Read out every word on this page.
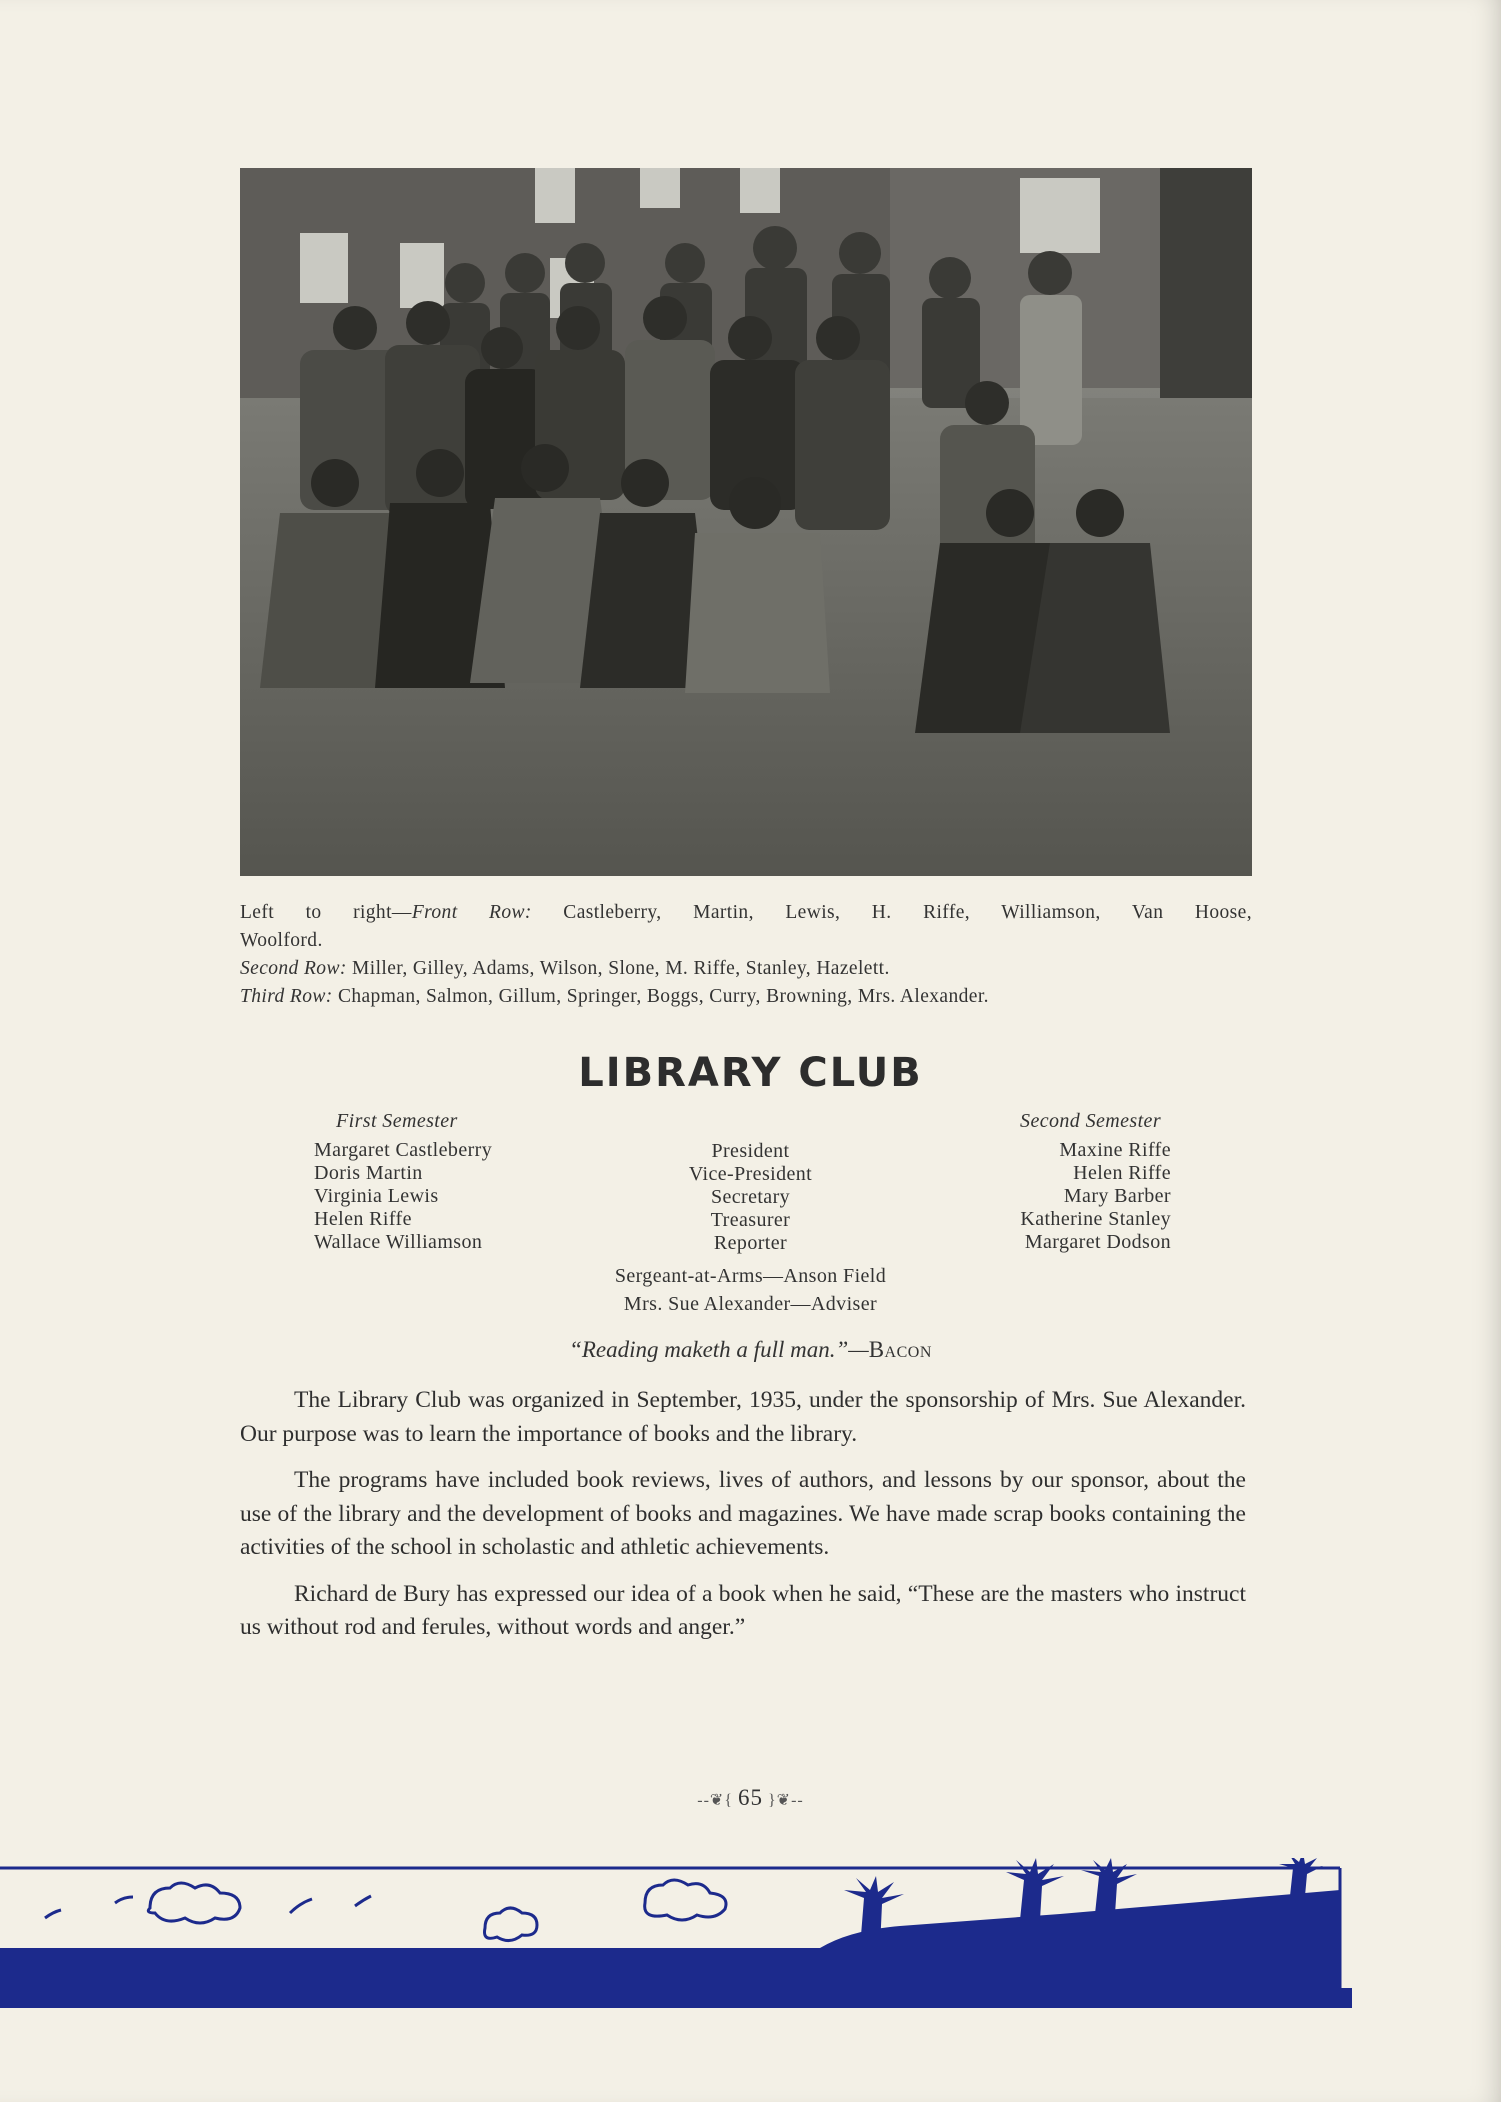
Left to right—Front Row: Castleberry, Martin, Lewis, H. Riffe, Williamson, Van Hoose,
Woolford.
Second Row: Miller, Gilley, Adams, Wilson, Slone, M. Riffe, Stanley, Hazelett.
Third Row: Chapman, Salmon, Gillum, Springer, Boggs, Curry, Browning, Mrs. Alexander.
LIBRARY CLUB
First Semester
Margaret Castleberry
Doris Martin
Virginia Lewis
Helen Riffe
Wallace Williamson
President
Vice-President
Secretary
Treasurer
Reporter
Sergeant-at-Arms—Anson Field
Mrs. Sue Alexander—Adviser
Second Semester
Maxine Riffe
Helen Riffe
Mary Barber
Katherine Stanley
Margaret Dodson
“Reading maketh a full man.”—Bacon

The Library Club was organized in September, 1935, under the sponsorship of Mrs. Sue Alexander. Our purpose was to learn the importance of books and the library.

The programs have included book reviews, lives of authors, and lessons by our sponsor, about the use of the library and the development of books and magazines. We have made scrap books containing the activities of the school in scholastic and athletic achievements.

Richard de Bury has expressed our idea of a book when he said, “These are the masters who instruct us without rod and ferules, without words and anger.”

--❦{ 65 }❦--
